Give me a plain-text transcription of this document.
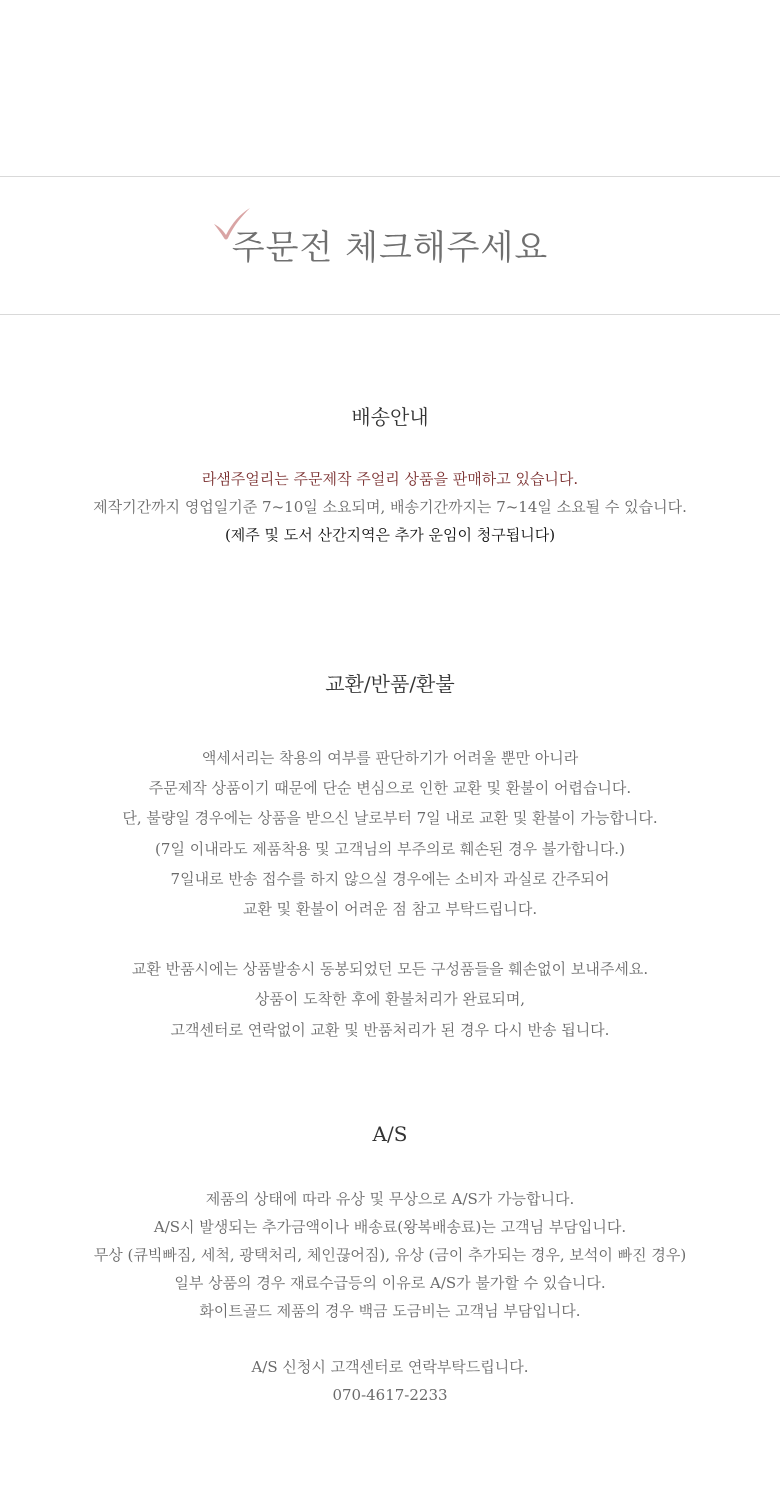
주문전 체크해주세요
배송안내

라샘주얼리는 주문제작 주얼리 상품을 판매하고 있습니다.
제작기간까지 영업일기준 7~10일 소요되며, 배송기간까지는 7~14일 소요될 수 있습니다.
(제주 및 도서 산간지역은 추가 운임이 청구됩니다)

교환/반품/환불

액세서리는 착용의 여부를 판단하기가 어려울 뿐만 아니라
주문제작 상품이기 때문에 단순 변심으로 인한 교환 및 환불이 어렵습니다.
단, 불량일 경우에는 상품을 받으신 날로부터 7일 내로 교환 및 환불이 가능합니다.
(7일 이내라도 제품착용 및 고객님의 부주의로 훼손된 경우 불가합니다.)
7일내로 반송 접수를 하지 않으실 경우에는 소비자 과실로 간주되어
교환 및 환불이 어려운 점 참고 부탁드립니다.

교환 반품시에는 상품발송시 동봉되었던 모든 구성품들을 훼손없이 보내주세요.
상품이 도착한 후에 환불처리가 완료되며,
고객센터로 연락없이 교환 및 반품처리가 된 경우 다시 반송 됩니다.

A/S

제품의 상태에 따라 유상 및 무상으로 A/S가 가능합니다.
A/S시 발생되는 추가금액이나 배송료(왕복배송료)는 고객님 부담입니다.
무상 (큐빅빠짐, 세척, 광택처리, 체인끊어짐), 유상 (금이 추가되는 경우, 보석이 빠진 경우)
일부 상품의 경우 재료수급등의 이유로 A/S가 불가할 수 있습니다.
화이트골드 제품의 경우 백금 도금비는 고객님 부담입니다.

A/S 신청시 고객센터로 연락부탁드립니다.
070-4617-2233
